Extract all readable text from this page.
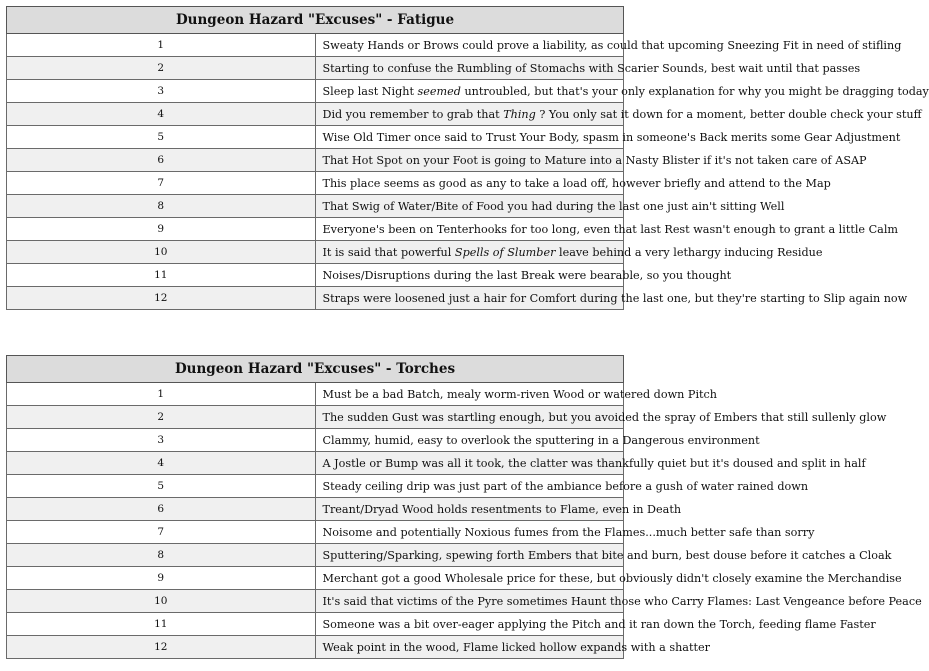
Dungeon Hazard "Excuses" - Fatigue	
1	Sweaty Hands or Brows could prove a liability, as could that upcoming Sneezing Fit in need of stifling
2	Starting to confuse the Rumbling of Stomachs with Scarier Sounds, best wait until that passes
3	Sleep last Night seemed untroubled, but that's your only explanation for why you might be dragging today
4	Did you remember to grab that Thing ? You only sat it down for a moment, better double check your stuff
5	Wise Old Timer once said to Trust Your Body, spasm in someone's Back merits some Gear Adjustment
6	That Hot Spot on your Foot is going to Mature into a Nasty Blister if it's not taken care of ASAP
7	This place seems as good as any to take a load off, however briefly and attend to the Map
8	That Swig of Water/Bite of Food you had during the last one just ain't sitting Well
9	Everyone's been on Tenterhooks for too long, even that last Rest wasn't enough to grant a little Calm
10	It is said that powerful Spells of Slumber leave behind a very lethargy inducing Residue
11	Noises/Disruptions during the last Break were bearable, so you thought
12	Straps were loosened just a hair for Comfort during the last one, but they're starting to Slip again now
Dungeon Hazard "Excuses" - Torches	
1	Must be a bad Batch, mealy worm-riven Wood or watered down Pitch
2	The sudden Gust was startling enough, but you avoided the spray of Embers that still sullenly glow
3	Clammy, humid, easy to overlook the sputtering in a Dangerous environment
4	A Jostle or Bump was all it took, the clatter was thankfully quiet but it's doused and split in half
5	Steady ceiling drip was just part of the ambiance before a gush of water rained down
6	Treant/Dryad Wood holds resentments to Flame, even in Death
7	Noisome and potentially Noxious fumes from the Flames...much better safe than sorry
8	Sputtering/Sparking, spewing forth Embers that bite and burn, best douse before it catches a Cloak
9	Merchant got a good Wholesale price for these, but obviously didn't closely examine the Merchandise
10	It's said that victims of the Pyre sometimes Haunt those who Carry Flames: Last Vengeance before Peace
11	Someone was a bit over-eager applying the Pitch and it ran down the Torch, feeding flame Faster
12	Weak point in the wood, Flame licked hollow expands with a shatter
